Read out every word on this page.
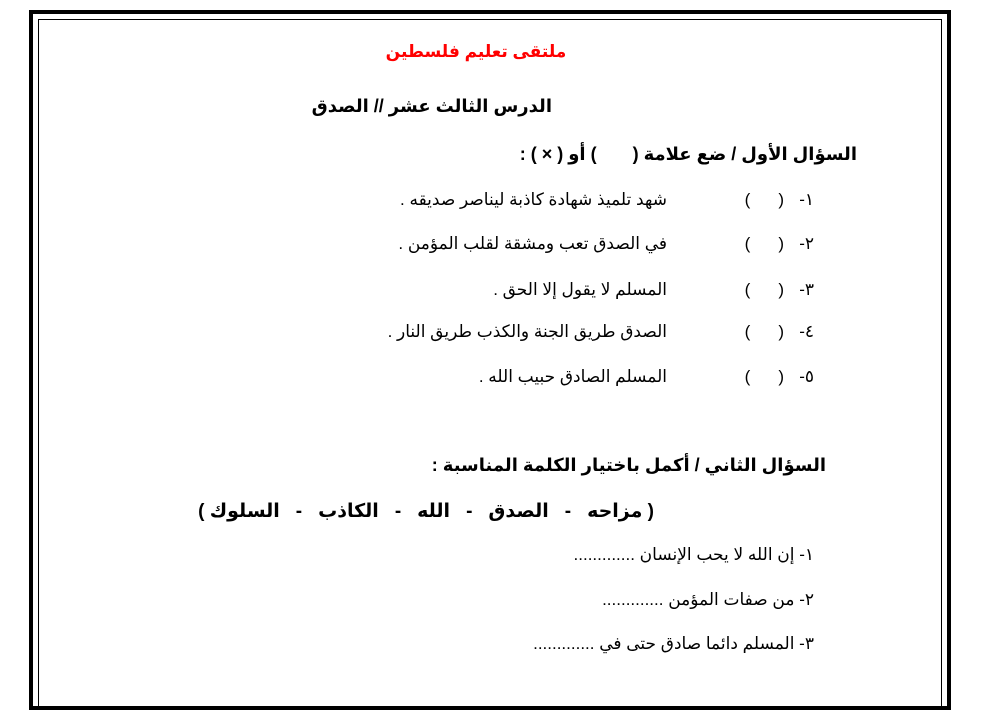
ملتقى تعليم فلسطين
الدرس الثالث عشر // الصدق
السؤال الأول / ضع علامة () أو ( × ) :
١-
( )
شهد تلميذ شهادة كاذبة لیناصر صدیقه .
٢-
( )
في الصدق تعب ومشقة لقلب المؤمن .
٣-
( )
المسلم لا یقول إلا الحق .
٤-
( )
الصدق طریق الجنة والكذب طریق النار .
٥-
( )
المسلم الصادق حبیب الله .
السؤال الثاني / أكمل باختیار الكلمة المناسبة :
( مزاحه-الصدق-الله-الكاذب-السلوك )
١- إن الله لا یحب الإنسان .............
٢- من صفات المؤمن .............
٣- المسلم دائما صادق حتى في .............
